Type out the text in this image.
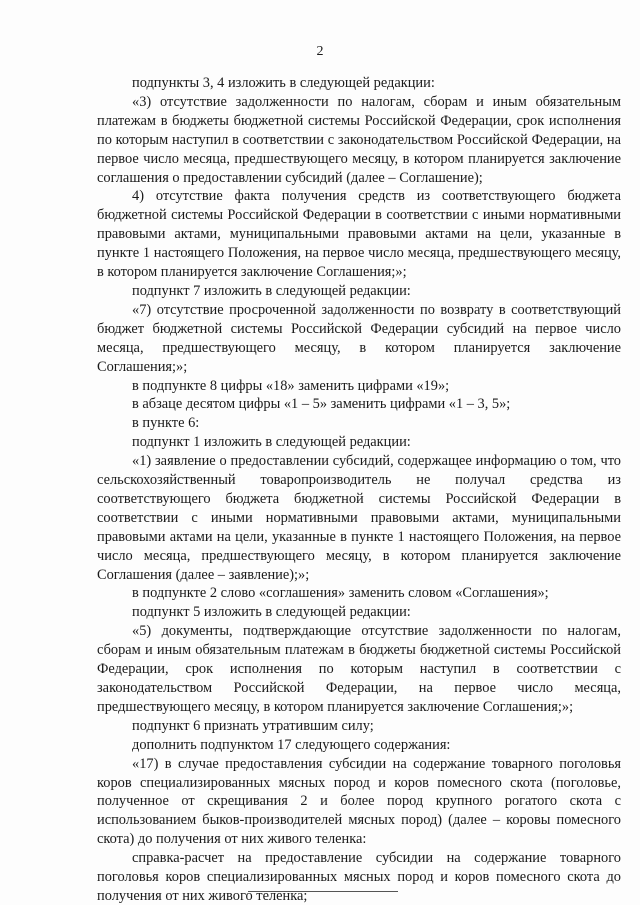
2

подпункты 3, 4 изложить в следующей редакции:

«3) отсутствие задолженности по налогам, сборам и иным обязательным платежам в бюджеты бюджетной системы Российской Федерации, срок исполнения по которым наступил в соответствии с законодательством Российской Федерации, на первое число месяца, предшествующего месяцу, в котором планируется заключение соглашения о предоставлении субсидий (далее – Соглашение);

4) отсутствие факта получения средств из соответствующего бюджета бюджетной системы Российской Федерации в соответствии с иными нормативными правовыми актами, муниципальными правовыми актами на цели, указанные в пункте 1 настоящего Положения, на первое число месяца, предшествующего месяцу, в котором планируется заключение Соглашения;»;

подпункт 7 изложить в следующей редакции:

«7) отсутствие просроченной задолженности по возврату в соответствующий бюджет бюджетной системы Российской Федерации субсидий на первое число месяца, предшествующего месяцу, в котором планируется заключение Соглашения;»;

в подпункте 8 цифры «18» заменить цифрами «19»;

в абзаце десятом цифры «1 – 5» заменить цифрами «1 – 3, 5»;

в пункте 6:

подпункт 1 изложить в следующей редакции:

«1) заявление о предоставлении субсидий, содержащее информацию о том, что сельскохозяйственный товаропроизводитель не получал средства из соответствующего бюджета бюджетной системы Российской Федерации в соответствии с иными нормативными правовыми актами, муниципальными правовыми актами на цели, указанные в пункте 1 настоящего Положения, на первое число месяца, предшествующего месяцу, в котором планируется заключение Соглашения (далее – заявление);»;

в подпункте 2 слово «соглашения» заменить словом «Соглашения»;

подпункт 5 изложить в следующей редакции:

«5) документы, подтверждающие отсутствие задолженности по налогам, сборам и иным обязательным платежам в бюджеты бюджетной системы Российской Федерации, срок исполнения по которым наступил в соответствии с законодательством Российской Федерации, на первое число месяца, предшествующего месяцу, в котором планируется заключение Соглашения;»;

подпункт 6 признать утратившим силу;

дополнить подпунктом 17 следующего содержания:

«17) в случае предоставления субсидии на содержание товарного поголовья коров специализированных мясных пород и коров помесного скота (поголовье, полученное от скрещивания 2 и более пород крупного рогатого скота с использованием быков-производителей мясных пород) (далее – коровы помесного скота) до получения от них живого теленка:

справка-расчет на предоставление субсидии на содержание товарного поголовья коров специализированных мясных пород и коров помесного скота до получения от них живого теленка;
